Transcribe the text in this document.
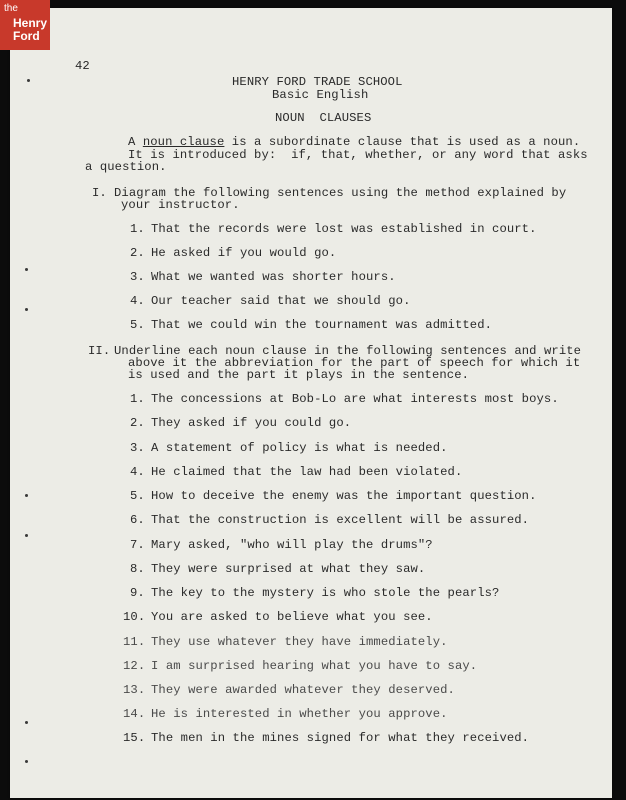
42
HENRY FORD TRADE SCHOOL
Basic English
NOUN  CLAUSES
A noun clause is a subordinate clause that is used as a noun.
It is introduced by:  if, that, whether, or any word that asks
a question.
I. Diagram the following sentences using the method explained by
your instructor.
1. That the records were lost was established in court.
2. He asked if you would go.
3. What we wanted was shorter hours.
4. Our teacher said that we should go.
5. That we could win the tournament was admitted.
II. Underline each noun clause in the following sentences and write
above it the abbreviation for the part of speech for which it
is used and the part it plays in the sentence.
1. The concessions at Bob-Lo are what interests most boys.
2. They asked if you could go.
3. A statement of policy is what is needed.
4. He claimed that the law had been violated.
5. How to deceive the enemy was the important question.
6. That the construction is excellent will be assured.
7. Mary asked, "who will play the drums"?
8. They were surprised at what they saw.
9. The key to the mystery is who stole the pearls?
10. You are asked to believe what you see.
11. They use whatever they have immediately.
12. I am surprised hearing what you have to say.
13. They were awarded whatever they deserved.
14. He is interested in whether you approve.
15. The men in the mines signed for what they received.
the
Henry
Ford
